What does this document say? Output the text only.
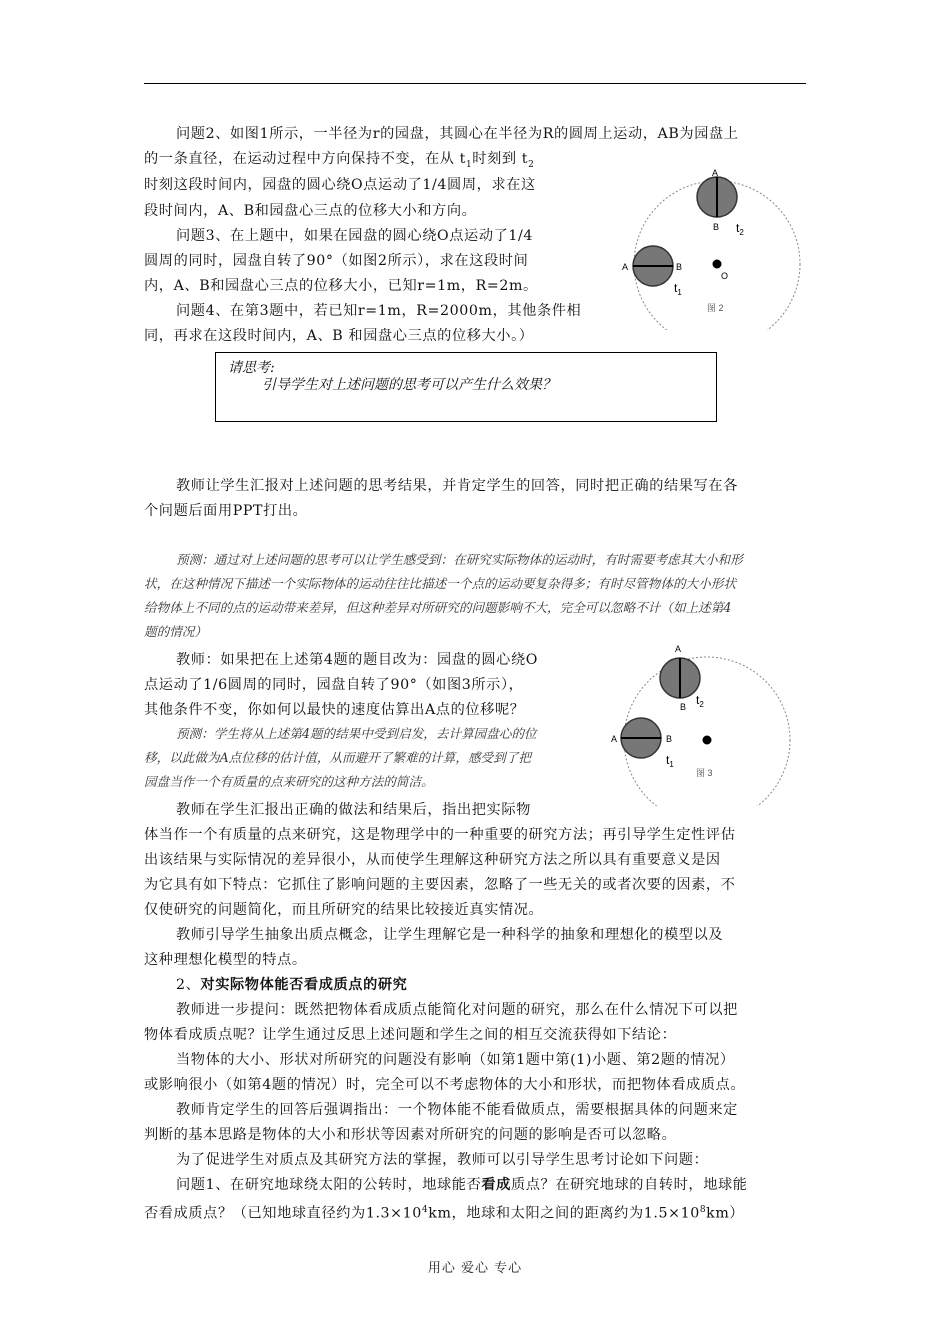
问题2、如图1所示，一半径为r的园盘，其圆心在半径为R的圆周上运动，AB为园盘上
的一条直径，在运动过程中方向保持不变，在从 $t_1$时刻到 $t_2$
时刻这段时间内，园盘的圆心绕O点运动了1/4圆周，求在这
段时间内，A、B和园盘心三点的位移大小和方向。
问题3、在上题中，如果在园盘的圆心绕O点运动了1/4
圆周的同时，园盘自转了90°（如图2所示），求在这段时间
内，A、B和园盘心三点的位移大小，已知r=1m，R=2m。
问题4、在第3题中，若已知r=1m，R=2000m，其他条件相
同，再求在这段时间内，A、B 和园盘心三点的位移大小。）
A
B $t_2$
A	B
O
$t_1$
图 2
请思考:
引导学生对上述问题的思考可以产生什么效果？
教师让学生汇报对上述问题的思考结果，并肯定学生的回答，同时把正确的结果写在各
个问题后面用PPT打出。
预测：通过对上述问题的思考可以让学生感受到：在研究实际物体的运动时，有时需要考虑其大小和形
状，在这种情况下描述一个实际物体的运动往往比描述一个点的运动要复杂得多；有时尽管物体的大小形状
给物体上不同的点的运动带来差异，但这种差异对所研究的问题影响不大，完全可以忽略不计（如上述第4
题的情况）
教师：如果把在上述第4题的题目改为：园盘的圆心绕O
点运动了1/6圆周的同时，园盘自转了90°（如图3所示），
其他条件不变，你如何以最快的速度估算出A点的位移呢？
预测：学生将从上述第4题的结果中受到启发，去计算园盘心的位
移，以此做为A点位移的估计值，从而避开了繁难的计算，感受到了把
园盘当作一个有质量的点来研究的这种方法的简洁。
A
B $t_2$
A	B
$t_1$
图 3
教师在学生汇报出正确的做法和结果后，指出把实际物
体当作一个有质量的点来研究，这是物理学中的一种重要的研究方法；再引导学生定性评估
出该结果与实际情况的差异很小，从而使学生理解这种研究方法之所以具有重要意义是因
为它具有如下特点：它抓住了影响问题的主要因素，忽略了一些无关的或者次要的因素，不
仅使研究的问题简化，而且所研究的结果比较接近真实情况。
教师引导学生抽象出质点概念，让学生理解它是一种科学的抽象和理想化的模型以及
这种理想化模型的特点。
2、对实际物体能否看成质点的研究
教师进一步提问：既然把物体看成质点能简化对问题的研究，那么在什么情况下可以把
物体看成质点呢？让学生通过反思上述问题和学生之间的相互交流获得如下结论：
当物体的大小、形状对所研究的问题没有影响（如第1题中第(1)小题、第2题的情况）
或影响很小（如第4题的情况）时，完全可以不考虑物体的大小和形状，而把物体看成质点。
教师肯定学生的回答后强调指出：一个物体能不能看做质点，需要根据具体的问题来定
判断的基本思路是物体的大小和形状等因素对所研究的问题的影响是否可以忽略。
为了促进学生对质点及其研究方法的掌握，教师可以引导学生思考讨论如下问题：
问题1、在研究地球绕太阳的公转时，地球能否看成质点？在研究地球的自转时，地球能
否看成质点？（已知地球直径约为$1.3\times 10^4km$，地球和太阳之间的距离约为$1.5\times 10^8km$）
用心 爱心 专心
